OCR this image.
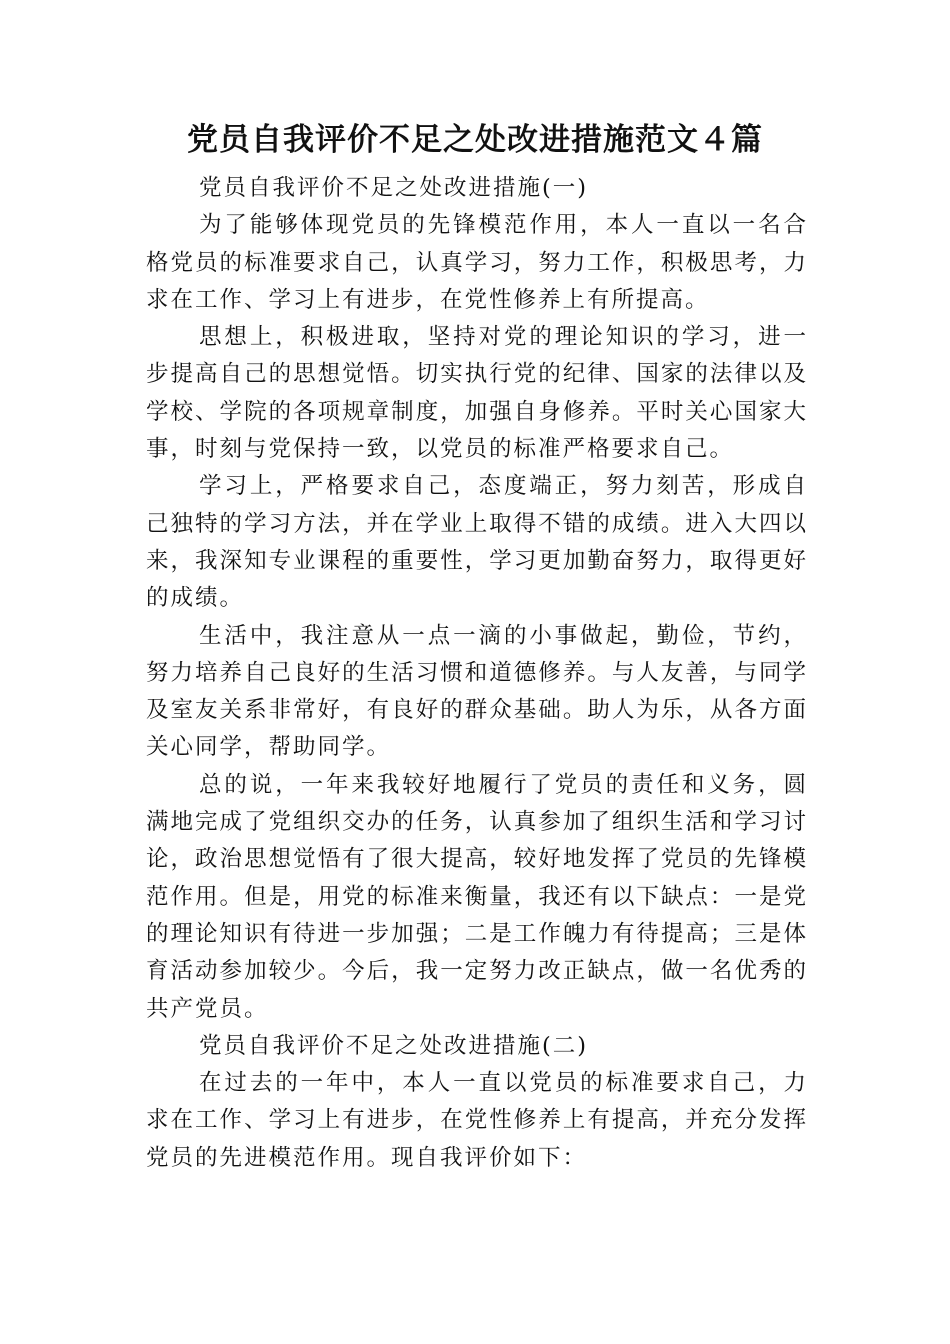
党员自我评价不足之处改进措施范文４篇

党员自我评价不足之处改进措施(一)

为了能够体现党员的先锋模范作用，本人一直以一名合格党员的标准要求自己，认真学习，努力工作，积极思考，力求在工作、学习上有进步，在党性修养上有所提高。

思想上，积极进取，坚持对党的理论知识的学习，进一步提高自己的思想觉悟。切实执行党的纪律、国家的法律以及学校、学院的各项规章制度，加强自身修养。平时关心国家大事，时刻与党保持一致，以党员的标准严格要求自己。

学习上，严格要求自己，态度端正，努力刻苦，形成自己独特的学习方法，并在学业上取得不错的成绩。进入大四以来，我深知专业课程的重要性，学习更加勤奋努力，取得更好的成绩。

生活中，我注意从一点一滴的小事做起，勤俭，节约，努力培养自己良好的生活习惯和道德修养。与人友善，与同学及室友关系非常好，有良好的群众基础。助人为乐，从各方面关心同学，帮助同学。

总的说，一年来我较好地履行了党员的责任和义务，圆满地完成了党组织交办的任务，认真参加了组织生活和学习讨论，政治思想觉悟有了很大提高，较好地发挥了党员的先锋模范作用。但是，用党的标准来衡量，我还有以下缺点：一是党的理论知识有待进一步加强；二是工作魄力有待提高；三是体育活动参加较少。今后，我一定努力改正缺点，做一名优秀的共产党员。

党员自我评价不足之处改进措施(二)

在过去的一年中，本人一直以党员的标准要求自己，力求在工作、学习上有进步，在党性修养上有提高，并充分发挥党员的先进模范作用。现自我评价如下：
